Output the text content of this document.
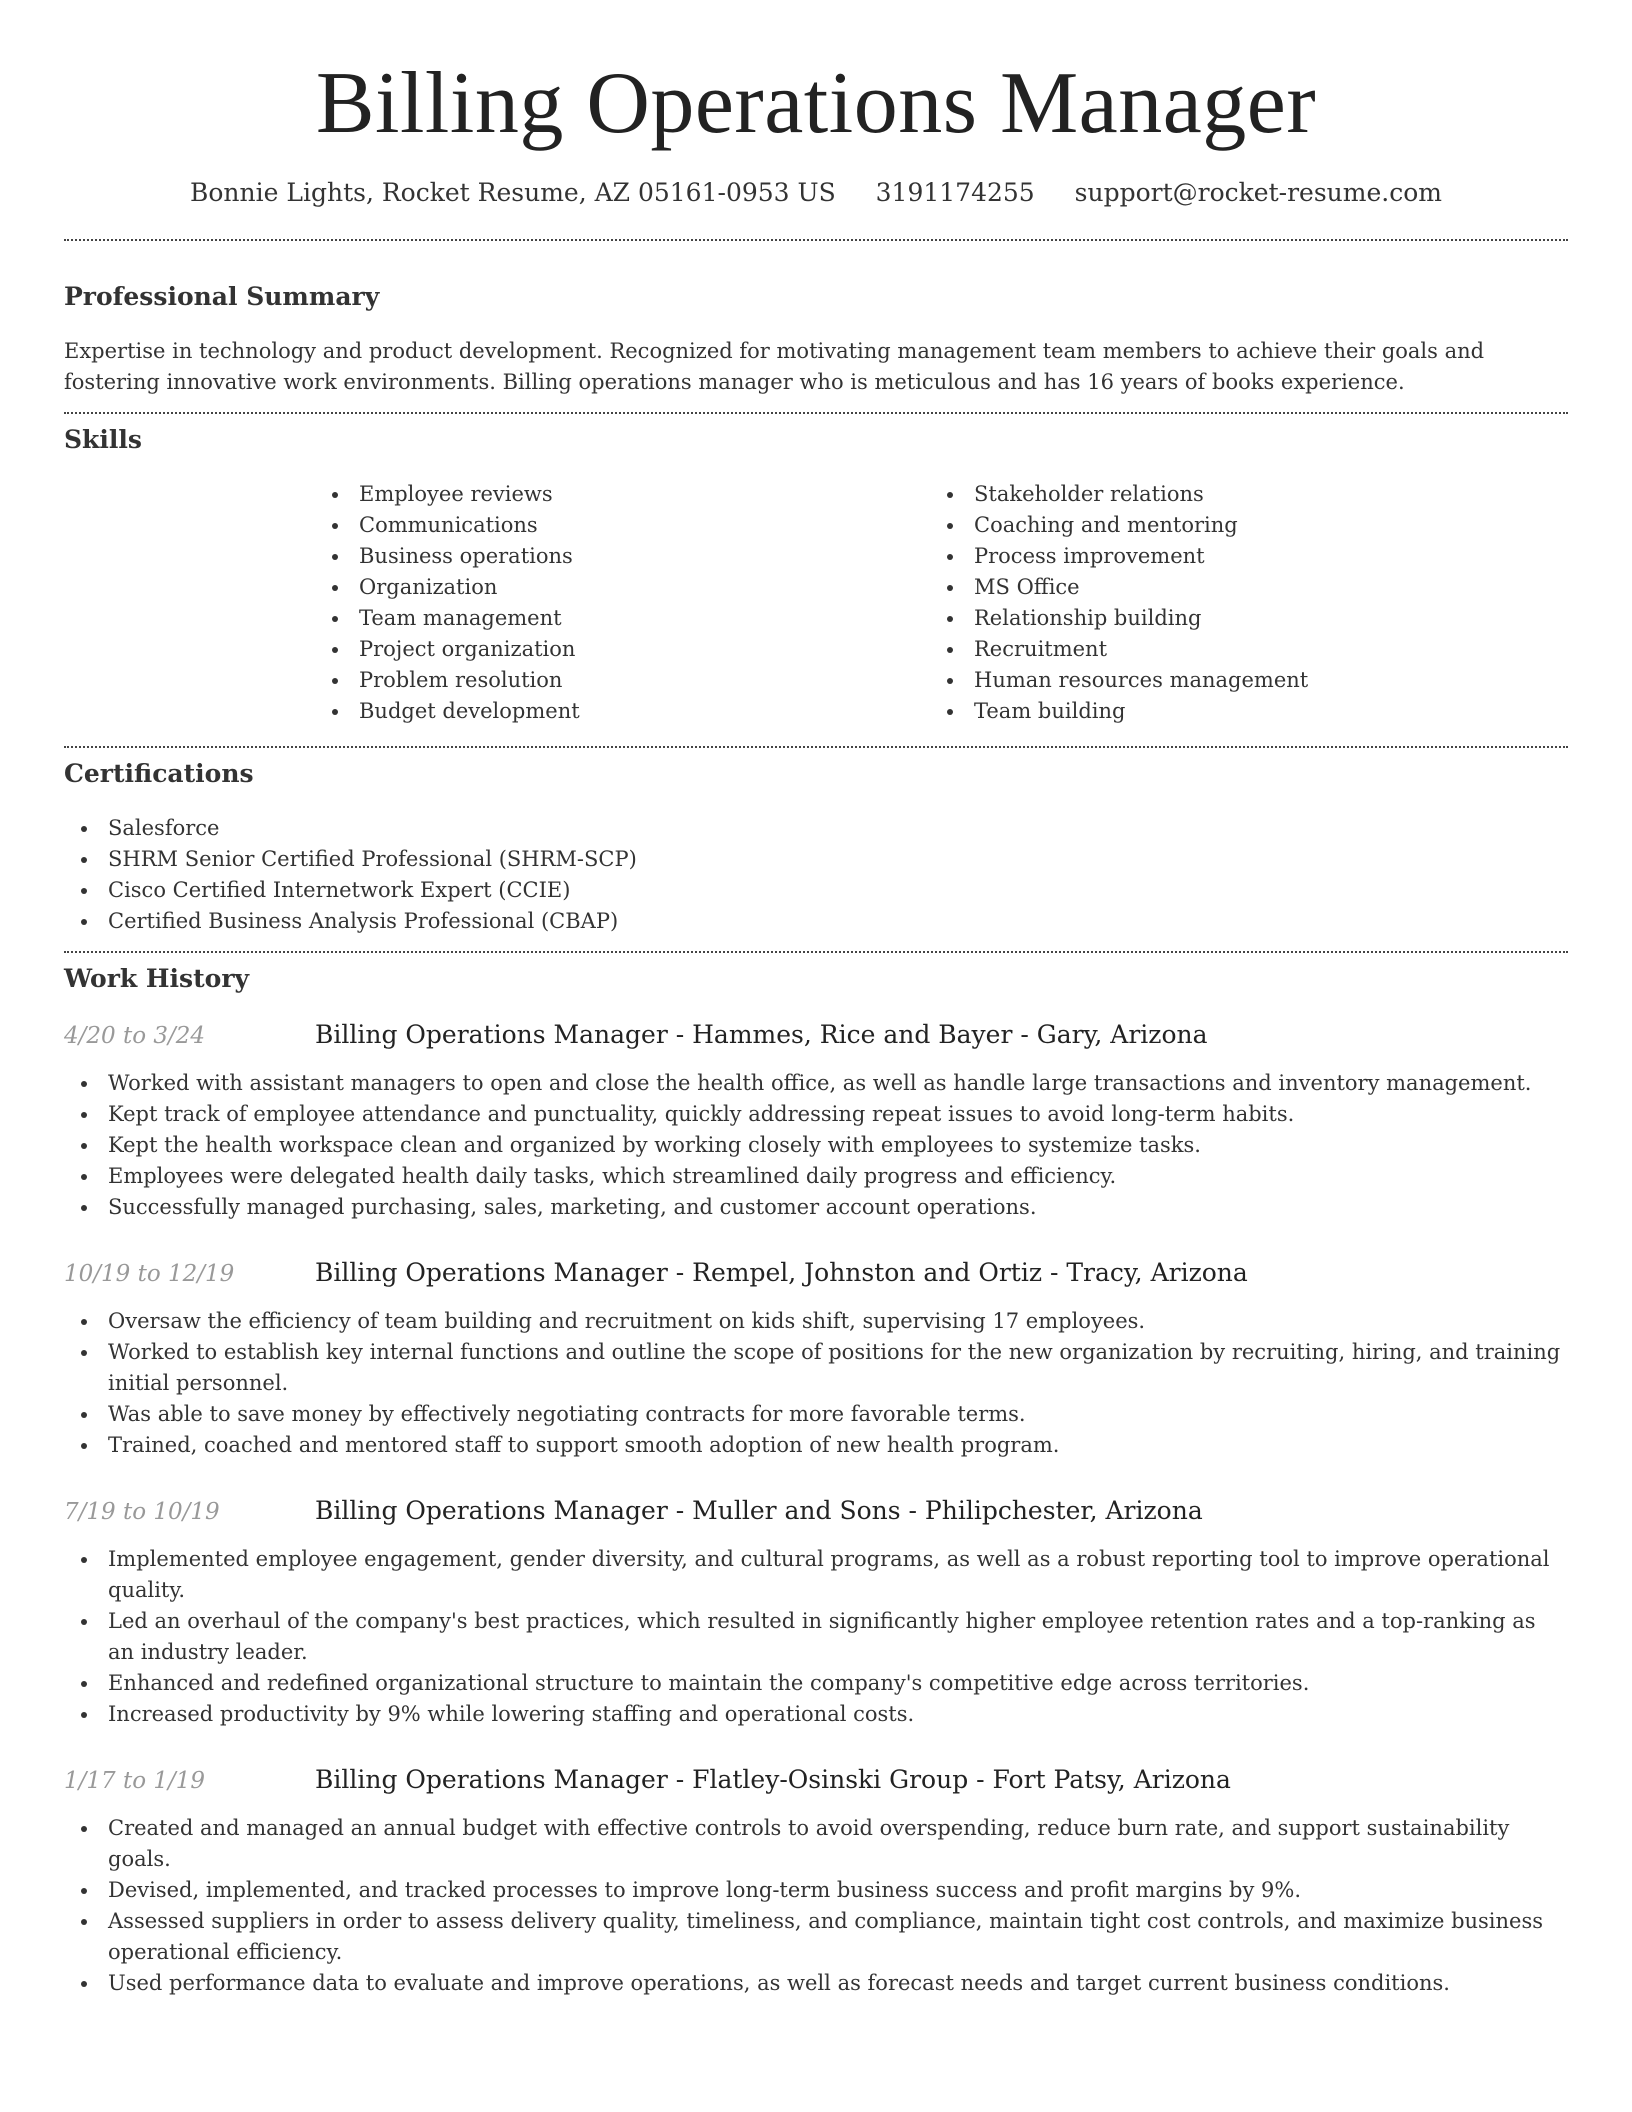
Billing Operations Manager
Bonnie Lights, Rocket Resume, AZ 05161-0953 US 3191174255 support@rocket-resume.com
Professional Summary

Expertise in technology and product development. Recognized for motivating management team members to achieve their goals and fostering innovative work environments. Billing operations manager who is meticulous and has 16 years of books experience.

Skills
Employee reviews
Communications
Business operations
Organization
Team management
Project organization
Problem resolution
Budget development
Stakeholder relations
Coaching and mentoring
Process improvement
MS Office
Relationship building
Recruitment
Human resources management
Team building
Certifications
Salesforce
SHRM Senior Certified Professional (SHRM-SCP)
Cisco Certified Internetwork Expert (CCIE)
Certified Business Analysis Professional (CBAP)
Work History
4/20 to 3/24	Billing Operations Manager - Hammes, Rice and Bayer - Gary, Arizona
Worked with assistant managers to open and close the health office, as well as handle large transactions and inventory management.
Kept track of employee attendance and punctuality, quickly addressing repeat issues to avoid long-term habits.
Kept the health workspace clean and organized by working closely with employees to systemize tasks.
Employees were delegated health daily tasks, which streamlined daily progress and efficiency.
Successfully managed purchasing, sales, marketing, and customer account operations.
10/19 to 12/19	Billing Operations Manager - Rempel, Johnston and Ortiz - Tracy, Arizona
Oversaw the efficiency of team building and recruitment on kids shift, supervising 17 employees.
Worked to establish key internal functions and outline the scope of positions for the new organization by recruiting, hiring, and training initial personnel.
Was able to save money by effectively negotiating contracts for more favorable terms.
Trained, coached and mentored staff to support smooth adoption of new health program.
7/19 to 10/19	Billing Operations Manager - Muller and Sons - Philipchester, Arizona
Implemented employee engagement, gender diversity, and cultural programs, as well as a robust reporting tool to improve operational quality.
Led an overhaul of the company's best practices, which resulted in significantly higher employee retention rates and a top-ranking as an industry leader.
Enhanced and redefined organizational structure to maintain the company's competitive edge across territories.
Increased productivity by 9% while lowering staffing and operational costs.
1/17 to 1/19	Billing Operations Manager - Flatley-Osinski Group - Fort Patsy, Arizona
Created and managed an annual budget with effective controls to avoid overspending, reduce burn rate, and support sustainability goals.
Devised, implemented, and tracked processes to improve long-term business success and profit margins by 9%.
Assessed suppliers in order to assess delivery quality, timeliness, and compliance, maintain tight cost controls, and maximize business operational efficiency.
Used performance data to evaluate and improve operations, as well as forecast needs and target current business conditions.
